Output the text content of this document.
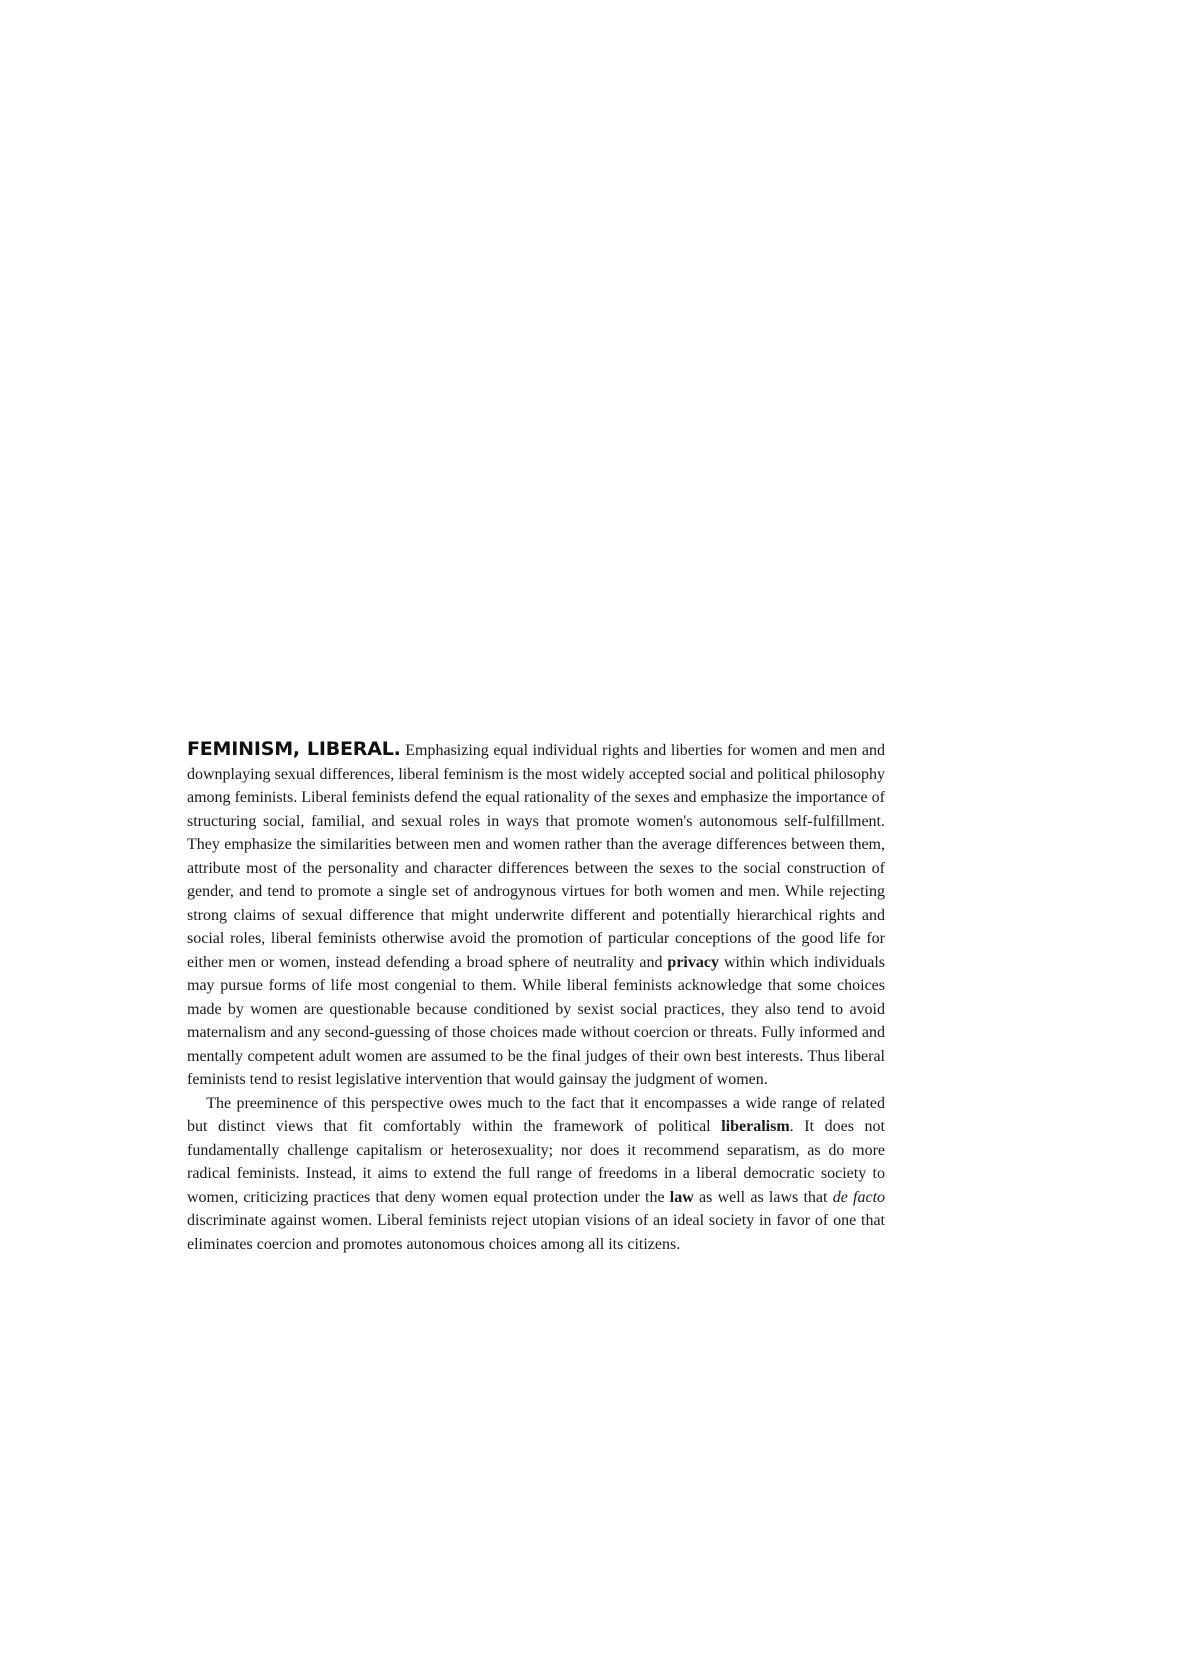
FEMINISM, LIBERAL. Emphasizing equal individual rights and liberties for women and men and downplaying sexual differences, liberal feminism is the most widely accepted social and political philosophy among feminists. Liberal feminists defend the equal rationality of the sexes and emphasize the importance of structuring social, familial, and sexual roles in ways that promote women's autonomous self-fulfillment. They emphasize the similarities between men and women rather than the average differences between them, attribute most of the personality and character differences between the sexes to the social construction of gender, and tend to promote a single set of androgynous virtues for both women and men. While rejecting strong claims of sexual difference that might underwrite different and potentially hierarchical rights and social roles, liberal feminists otherwise avoid the promotion of particular conceptions of the good life for either men or women, instead defending a broad sphere of neutrality and privacy within which individuals may pursue forms of life most congenial to them. While liberal feminists acknowledge that some choices made by women are questionable because conditioned by sexist social practices, they also tend to avoid maternalism and any second-guessing of those choices made without coercion or threats. Fully informed and mentally competent adult women are assumed to be the final judges of their own best interests. Thus liberal feminists tend to resist legislative intervention that would gainsay the judgment of women.

The preeminence of this perspective owes much to the fact that it encompasses a wide range of related but distinct views that fit comfortably within the framework of political liberalism. It does not fundamentally challenge capitalism or heterosexuality; nor does it recommend separatism, as do more radical feminists. Instead, it aims to extend the full range of freedoms in a liberal democratic society to women, criticizing practices that deny women equal protection under the law as well as laws that de facto discriminate against women. Liberal feminists reject utopian visions of an ideal society in favor of one that eliminates coercion and promotes autonomous choices among all its citizens.
